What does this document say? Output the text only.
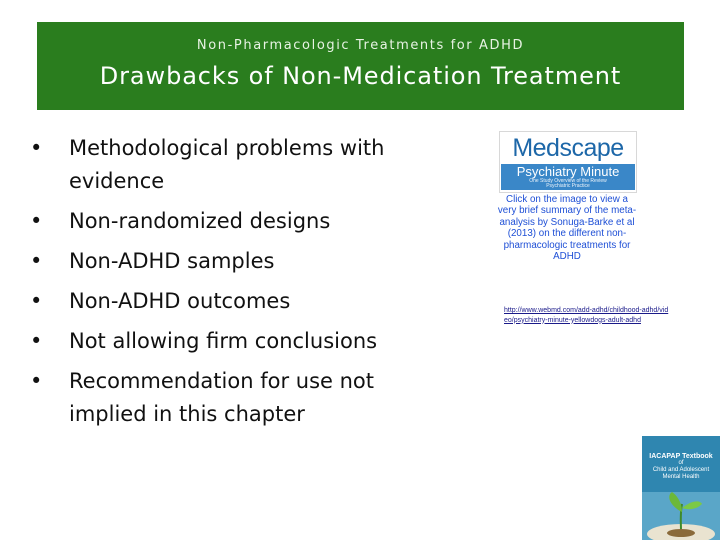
Non-Pharmacologic Treatments for ADHD
Drawbacks of Non-Medication Treatment
• Methodological problems with evidence
• Non-randomized designs
• Non-ADHD samples
• Non-ADHD outcomes
• Not allowing firm conclusions
• Recommendation for use not implied in this chapter
Medscape
Psychiatry Minute
One Study Overview of the Review
Psychiatric Practice
Click on the image to view a very brief summary of the meta-analysis by Sonuga-Barke et al (2013) on the different non-pharmacologic treatments for ADHD
http://www.webmd.com/add-adhd/childhood-adhd/video/psychiatry-minute-yellowdogs-adult-adhd
IACAPAP Textbook
of
Child and Adolescent
Mental Health
